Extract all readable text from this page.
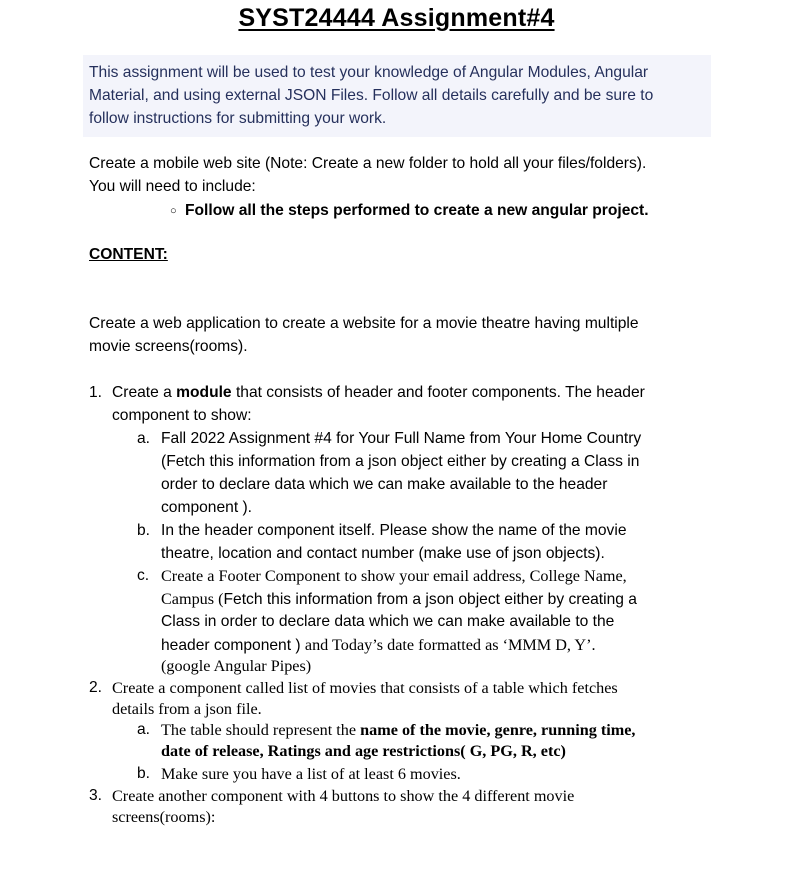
SYST24444 Assignment#4

This assignment will be used to test your knowledge of Angular Modules, Angular

Material, and using external JSON Files. Follow all details carefully and be sure to

follow instructions for submitting your work.

Create a mobile web site (Note: Create a new folder to hold all your files/folders).

You will need to include:

○ Follow all the steps performed to create a new angular project.

CONTENT:

Create a web application to create a website for a movie theatre having multiple

movie screens(rooms).

1. Create a module that consists of header and footer components. The header

component to show:

a. Fall 2022 Assignment #4 for Your Full Name from Your Home Country

(Fetch this information from a json object either by creating a Class in

order to declare data which we can make available to the header

component ).

b. In the header component itself. Please show the name of the movie

theatre, location and contact number (make use of json objects).

c. Create a Footer Component to show your email address, College Name,

Campus (Fetch this information from a json object either by creating a

Class in order to declare data which we can make available to the

header component ) and Today’s date formatted as ‘MMM D, Y’.

(google Angular Pipes)

2. Create a component called list of movies that consists of a table which fetches

details from a json file.

a. The table should represent the name of the movie, genre, running time,

date of release, Ratings and age restrictions( G, PG, R, etc)

b. Make sure you have a list of at least 6 movies.

3. Create another component with 4 buttons to show the 4 different movie

screens(rooms):
